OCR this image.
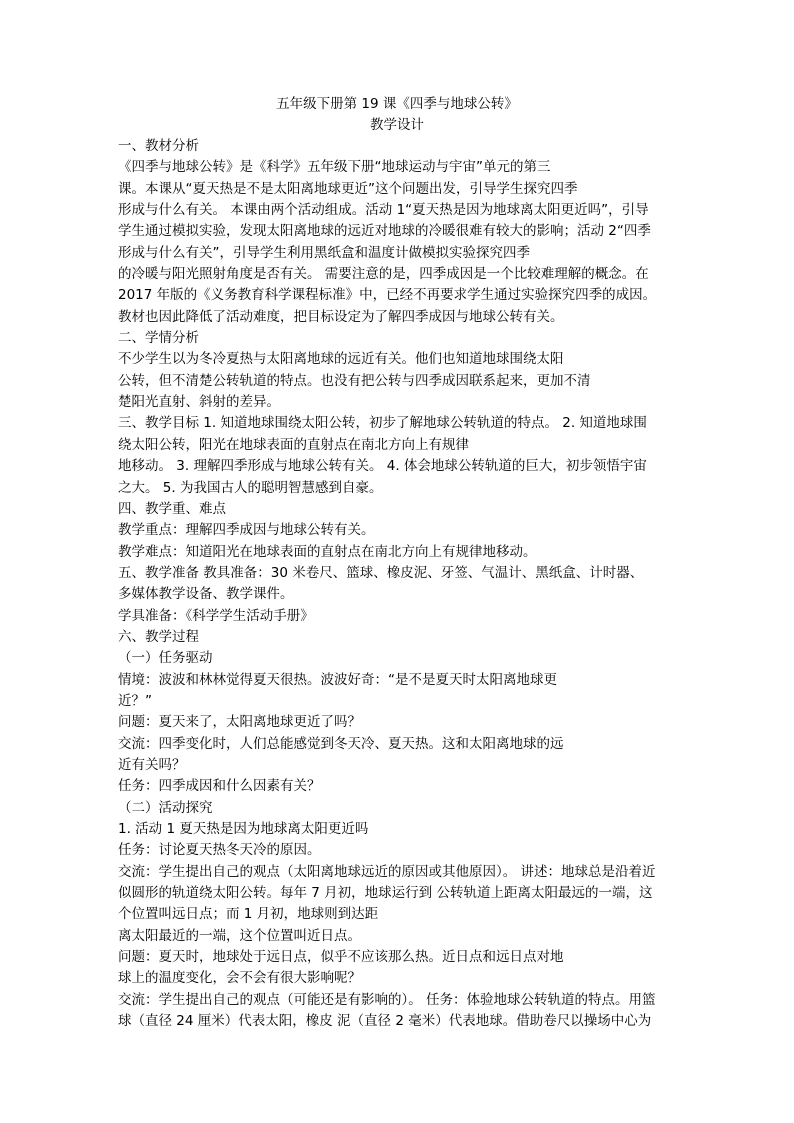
五年级下册第 19 课《四季与地球公转》
教学设计
一、教材分析
《四季与地球公转》是《科学》五年级下册“地球运动与宇宙”单元的第三
课。本课从“夏天热是不是太阳离地球更近”这个问题出发，引导学生探究四季
形成与什么有关。 本课由两个活动组成。活动 1“夏天热是因为地球离太阳更近吗”，引导
学生通过模拟实验，发现太阳离地球的远近对地球的冷暖很难有较大的影响；活动 2“四季
形成与什么有关”，引导学生利用黑纸盒和温度计做模拟实验探究四季
的冷暖与阳光照射角度是否有关。 需要注意的是，四季成因是一个比较难理解的概念。在
2017 年版的《义务教育科学课程标准》中，已经不再要求学生通过实验探究四季的成因。
教材也因此降低了活动难度，把目标设定为了解四季成因与地球公转有关。
二、学情分析
不少学生以为冬冷夏热与太阳离地球的远近有关。他们也知道地球围绕太阳
公转，但不清楚公转轨道的特点。也没有把公转与四季成因联系起来，更加不清
楚阳光直射、斜射的差异。
三、教学目标 1. 知道地球围绕太阳公转，初步了解地球公转轨道的特点。 2. 知道地球围
绕太阳公转，阳光在地球表面的直射点在南北方向上有规律
地移动。 3. 理解四季形成与地球公转有关。 4. 体会地球公转轨道的巨大，初步领悟宇宙
之大。 5. 为我国古人的聪明智慧感到自豪。
四、教学重、难点
教学重点：理解四季成因与地球公转有关。
教学难点：知道阳光在地球表面的直射点在南北方向上有规律地移动。
五、教学准备 教具准备：30 米卷尺、篮球、橡皮泥、牙签、气温计、黑纸盒、计时器、
多媒体教学设备、教学课件。
学具准备：《科学学生活动手册》
六、教学过程
（一）任务驱动
情境：波波和林林觉得夏天很热。波波好奇：“是不是夏天时太阳离地球更
近？”
问题：夏天来了，太阳离地球更近了吗？
交流：四季变化时，人们总能感觉到冬天冷、夏天热。这和太阳离地球的远
近有关吗？
任务：四季成因和什么因素有关？
（二）活动探究
1. 活动 1 夏天热是因为地球离太阳更近吗
任务：讨论夏天热冬天冷的原因。
交流：学生提出自己的观点（太阳离地球远近的原因或其他原因）。 讲述：地球总是沿着近
似圆形的轨道绕太阳公转。每年 7 月初，地球运行到 公转轨道上距离太阳最远的一端，这
个位置叫远日点；而 1 月初，地球则到达距
离太阳最近的一端，这个位置叫近日点。
问题：夏天时，地球处于远日点，似乎不应该那么热。近日点和远日点对地
球上的温度变化，会不会有很大影响呢？
交流：学生提出自己的观点（可能还是有影响的）。 任务：体验地球公转轨道的特点。用篮
球（直径 24 厘米）代表太阳，橡皮 泥（直径 2 毫米）代表地球。借助卷尺以操场中心为
